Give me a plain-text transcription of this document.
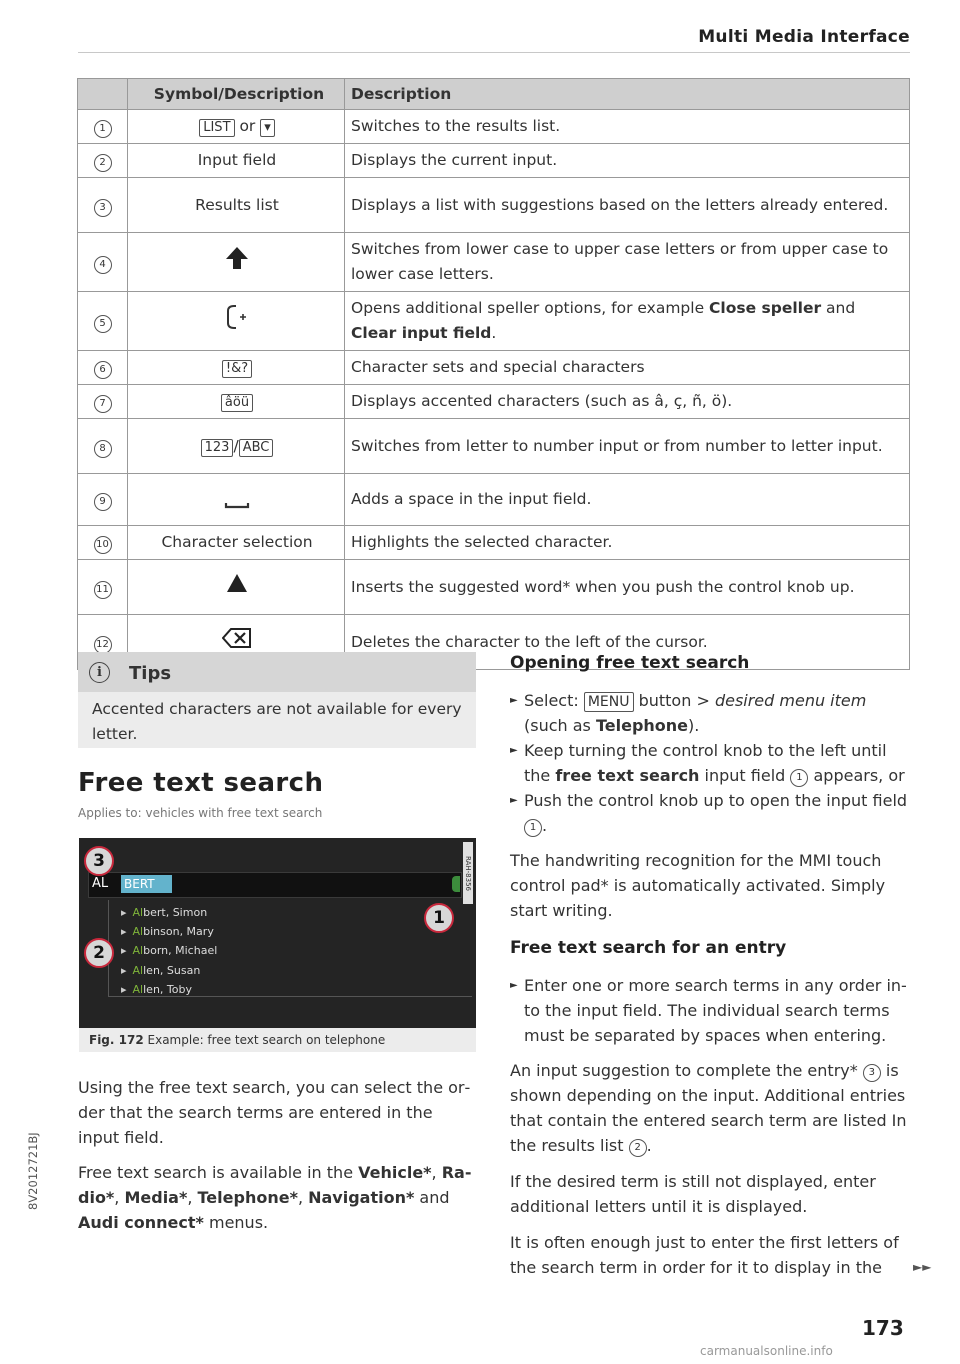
Multi Media Interface
	Symbol/Description	Description
1	LIST or ▾	Switches to the results list.
2	Input field	Displays the current input.
3	Results list	Displays a list with suggestions based on the letters already entered.
4		Switches from lower case to upper case letters or from upper case to lower case letters.
5		Opens additional speller options, for example Close speller and Clear input field.
6	!&?	Character sets and special characters
7	âöü	Displays accented characters (such as â, ç, ñ, ö).
8	123 / ABC	Switches from letter to number input or from number to letter input.
9		Adds a space in the input field.
10	Character selection	Highlights the selected character.
11		Inserts the suggested word* when you push the control knob up.
12		Deletes the character to the left of the cursor.
i	Tips
Accented characters are not available for every letter.
Free text search
Applies to: vehicles with free text search
AL BERT
▸ Albert, Simon
▸ Albinson, Mary
▸ Alborn, Michael
▸ Allen, Susan
▸ Allen, Toby
RAH-8356
1
2
3
Fig. 172 Example: free text search on telephone
Using the free text search, you can select the order that the search terms are entered in the input field.
Free text search is available in the Vehicle*, Radio*, Media*, Telephone*, Navigation* and Audi connect* menus.
Opening free text search
► Select: MENU button > desired menu item (such as Telephone).
► Keep turning the control knob to the left until the free text search input field 1 appears, or
► Push the control knob up to open the input field 1 .
The handwriting recognition for the MMI touch control pad* is automatically activated. Simply start writing.
Free text search for an entry
► Enter one or more search terms in any order into the input field. The individual search terms must be separated by spaces when entering.
An input suggestion to complete the entry* 3 is shown depending on the input. Additional entries that contain the entered search term are listed In the results list 2 .
If the desired term is still not displayed, enter additional letters until it is displayed.
It is often enough just to enter the first letters of the search term in order for it to display in the	►►
173
8V2012721BJ
carmanualsonline.info
